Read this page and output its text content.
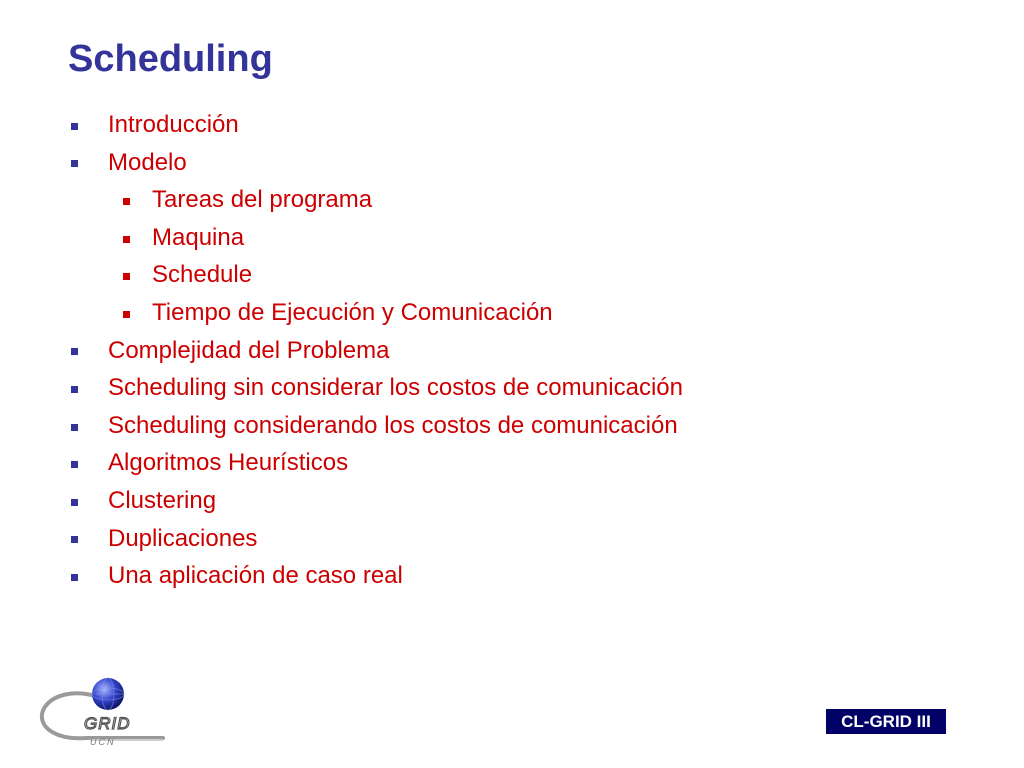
Scheduling
Introducción
Modelo
Tareas del programa
Maquina
Schedule
Tiempo de Ejecución y Comunicación
Complejidad del Problema
Scheduling sin considerar los costos de comunicación
Scheduling considerando los costos de comunicación
Algoritmos Heurísticos
Clustering
Duplicaciones
Una aplicación de caso real
GRID
UCN
CL-GRID III
